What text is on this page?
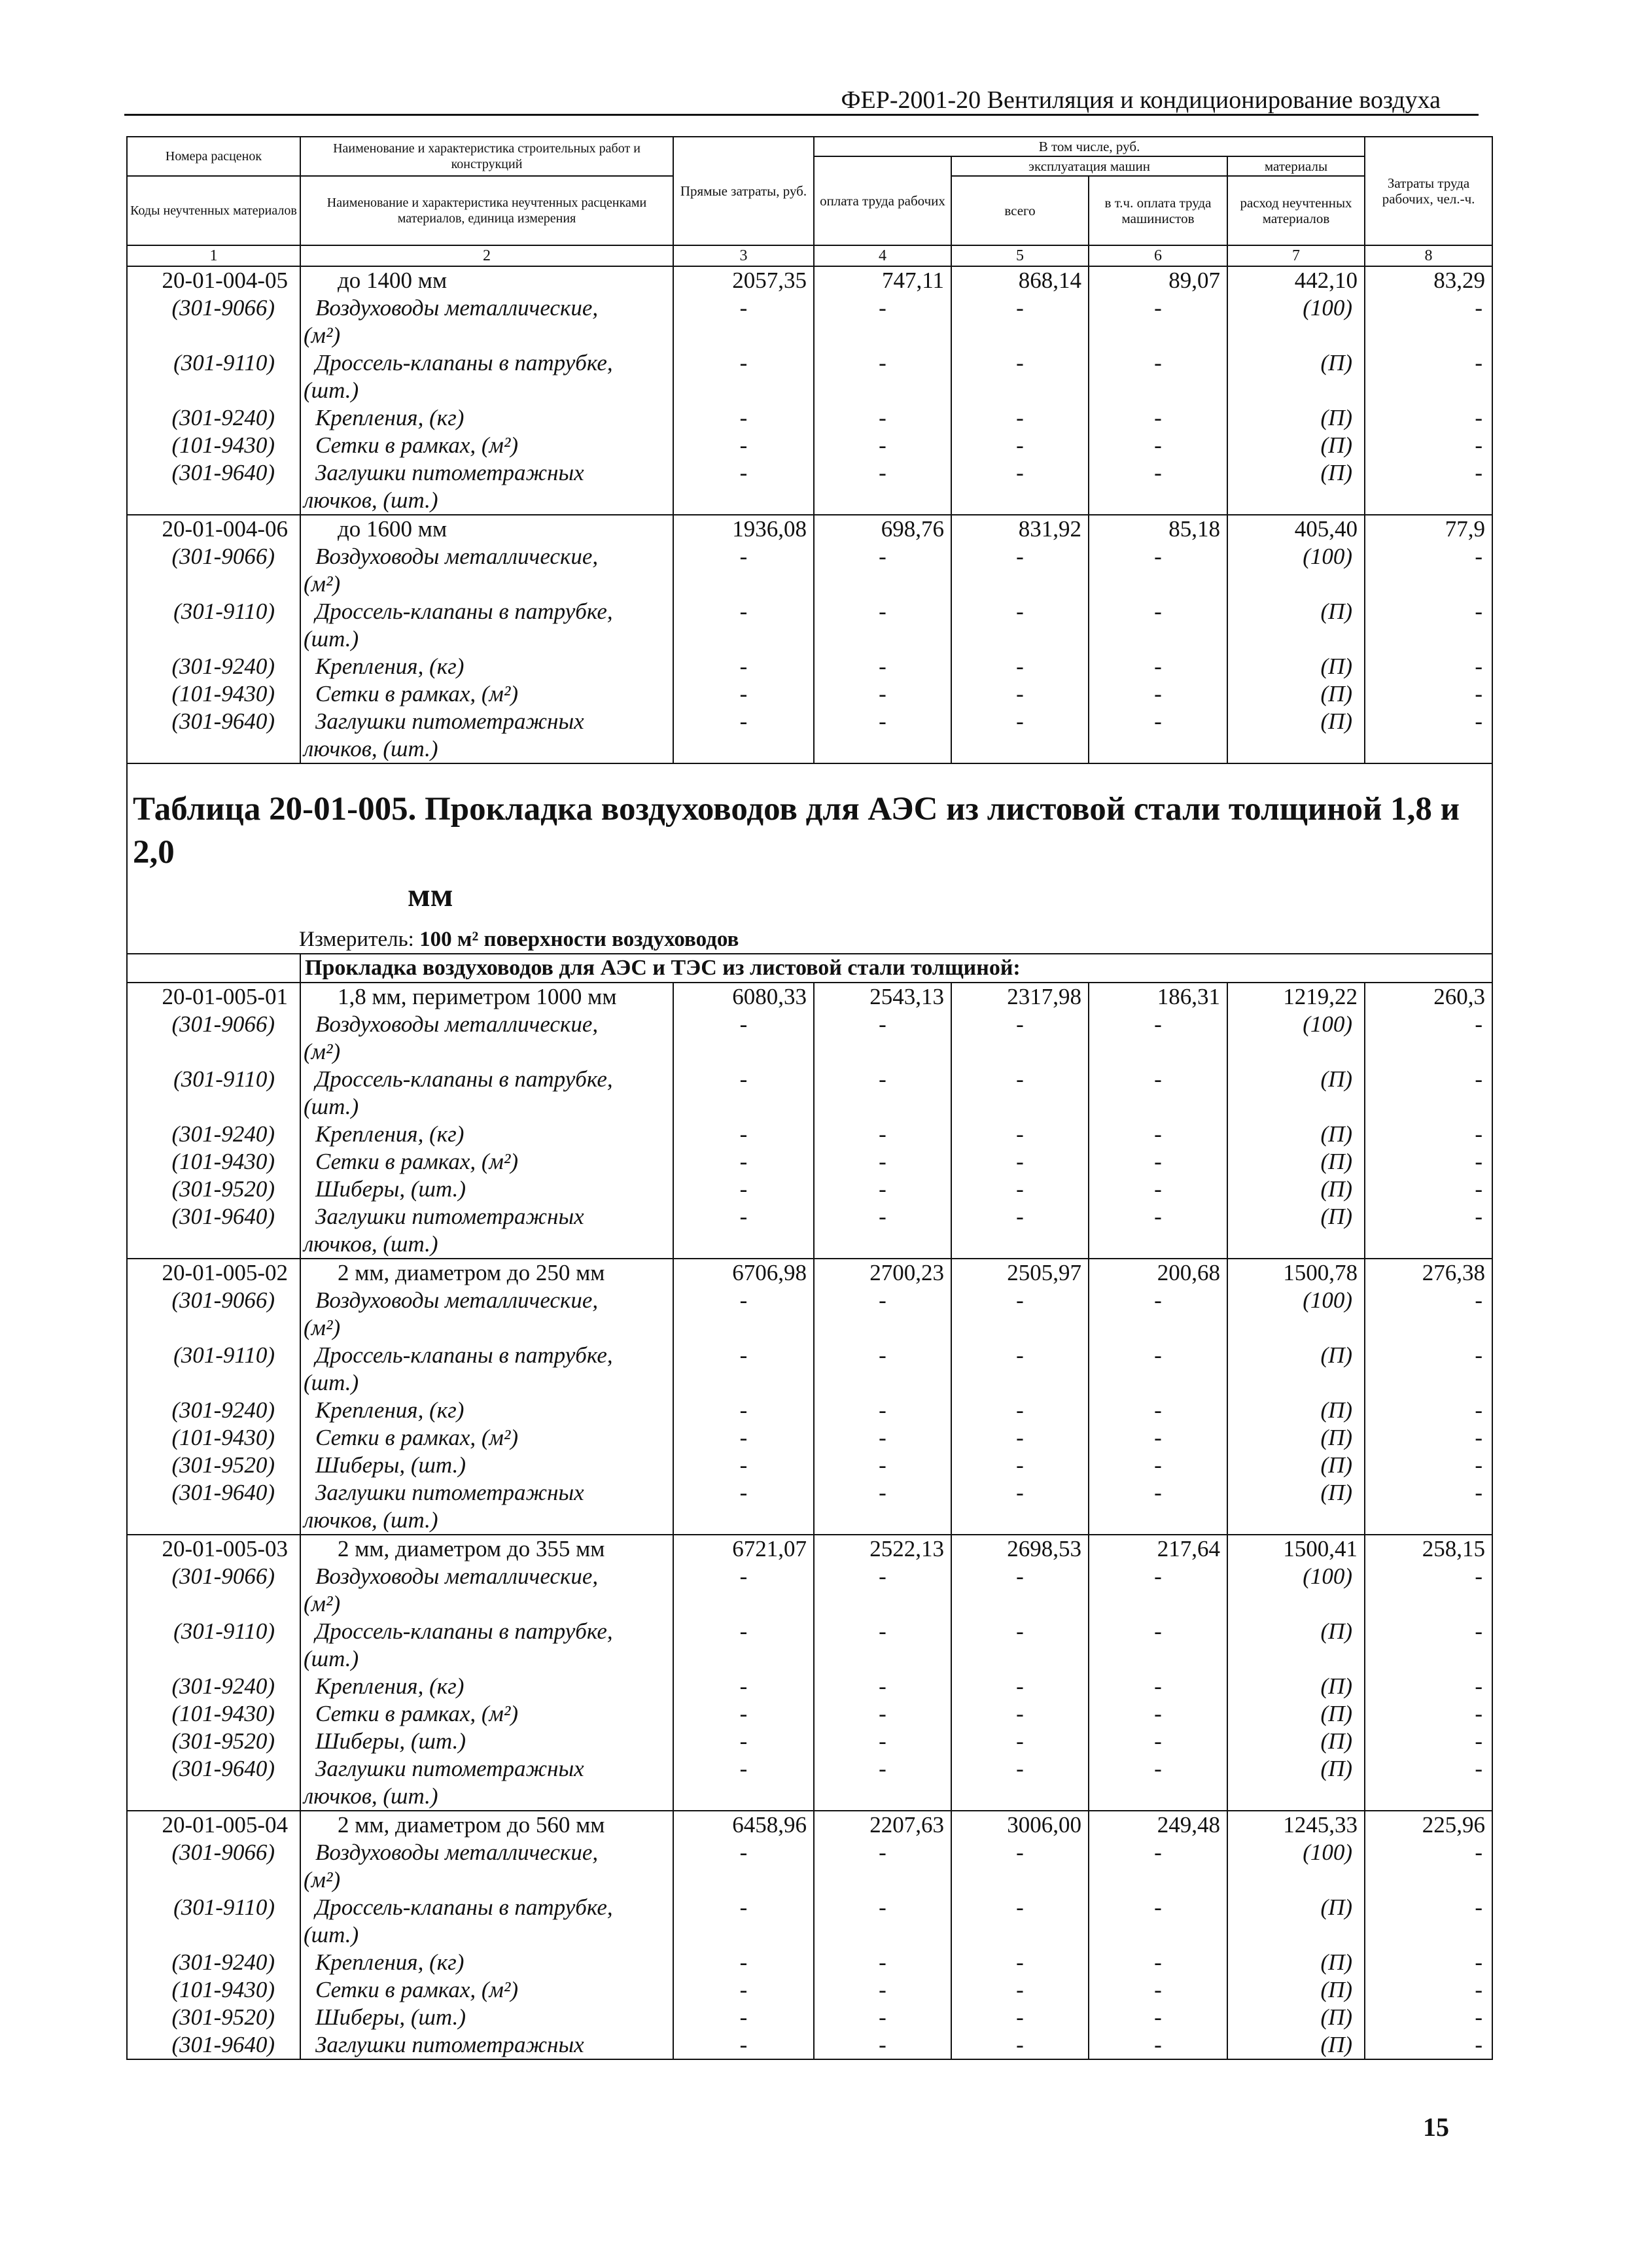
ФЕР-2001-20 Вентиляция и кондиционирование воздуха
Номера расценок	Наименование и характеристика строительных работ и конструкций	Прямые затраты, руб.	В том числе, руб.				Затраты труда рабочих, чел.-ч.
			оплата труда рабочих	эксплуатация машин		материалы	
				всего	в т.ч. оплата труда машинистов	расход неучтенных материалов	
Коды неучтенных материалов	Наименование и характеристика неучтенных расценками материалов, единица измерения						

1	2	3	4	5	6	7	8
20-01-004-05	до 1400 мм	2057,35	747,11	868,14	89,07	442,10	83,29
(301-9066)	Воздуховоды металлические,	-	-	-	-	(100)	-
	(м²)						
(301-9110)	Дроссель-клапаны в патрубке,	-	-	-	-	(П)	-
	(шт.)						
(301-9240)	Крепления, (кг)	-	-	-	-	(П)	-
(101-9430)	Сетки в рамках, (м²)	-	-	-	-	(П)	-
(301-9640)	Заглушки питометражных	-	-	-	-	(П)	-
	лючков, (шт.)						
20-01-004-06	до 1600 мм	1936,08	698,76	831,92	85,18	405,40	77,9
(301-9066)	Воздуховоды металлические,	-	-	-	-	(100)	-
	(м²)						
(301-9110)	Дроссель-клапаны в патрубке,	-	-	-	-	(П)	-
	(шт.)						
(301-9240)	Крепления, (кг)	-	-	-	-	(П)	-
(101-9430)	Сетки в рамках, (м²)	-	-	-	-	(П)	-
(301-9640)	Заглушки питометражных	-	-	-	-	(П)	-
	лючков, (шт.)						

Таблица 20-01-005. Прокладка воздуховодов для АЭС из листовой стали толщиной 1,8 и 2,0
мм
Измеритель: 100 м² поверхности воздуховодов							

	Прокладка воздуховодов для АЭС и ТЭС из листовой стали толщиной:						
20-01-005-01	1,8 мм, периметром 1000 мм	6080,33	2543,13	2317,98	186,31	1219,22	260,3
(301-9066)	Воздуховоды металлические,	-	-	-	-	(100)	-
	(м²)						
(301-9110)	Дроссель-клапаны в патрубке,	-	-	-	-	(П)	-
	(шт.)						
(301-9240)	Крепления, (кг)	-	-	-	-	(П)	-
(101-9430)	Сетки в рамках, (м²)	-	-	-	-	(П)	-
(301-9520)	Шиберы, (шт.)	-	-	-	-	(П)	-
(301-9640)	Заглушки питометражных	-	-	-	-	(П)	-
	лючков, (шт.)						
20-01-005-02	2 мм, диаметром до 250 мм	6706,98	2700,23	2505,97	200,68	1500,78	276,38
(301-9066)	Воздуховоды металлические,	-	-	-	-	(100)	-
	(м²)						
(301-9110)	Дроссель-клапаны в патрубке,	-	-	-	-	(П)	-
	(шт.)						
(301-9240)	Крепления, (кг)	-	-	-	-	(П)	-
(101-9430)	Сетки в рамках, (м²)	-	-	-	-	(П)	-
(301-9520)	Шиберы, (шт.)	-	-	-	-	(П)	-
(301-9640)	Заглушки питометражных	-	-	-	-	(П)	-
	лючков, (шт.)						
20-01-005-03	2 мм, диаметром до 355 мм	6721,07	2522,13	2698,53	217,64	1500,41	258,15
(301-9066)	Воздуховоды металлические,	-	-	-	-	(100)	-
	(м²)						
(301-9110)	Дроссель-клапаны в патрубке,	-	-	-	-	(П)	-
	(шт.)						
(301-9240)	Крепления, (кг)	-	-	-	-	(П)	-
(101-9430)	Сетки в рамках, (м²)	-	-	-	-	(П)	-
(301-9520)	Шиберы, (шт.)	-	-	-	-	(П)	-
(301-9640)	Заглушки питометражных	-	-	-	-	(П)	-
	лючков, (шт.)						
20-01-005-04	2 мм, диаметром до 560 мм	6458,96	2207,63	3006,00	249,48	1245,33	225,96
(301-9066)	Воздуховоды металлические,	-	-	-	-	(100)	-
	(м²)						
(301-9110)	Дроссель-клапаны в патрубке,	-	-	-	-	(П)	-
	(шт.)						
(301-9240)	Крепления, (кг)	-	-	-	-	(П)	-
(101-9430)	Сетки в рамках, (м²)	-	-	-	-	(П)	-
(301-9520)	Шиберы, (шт.)	-	-	-	-	(П)	-
(301-9640)	Заглушки питометражных	-	-	-	-	(П)	-
15
